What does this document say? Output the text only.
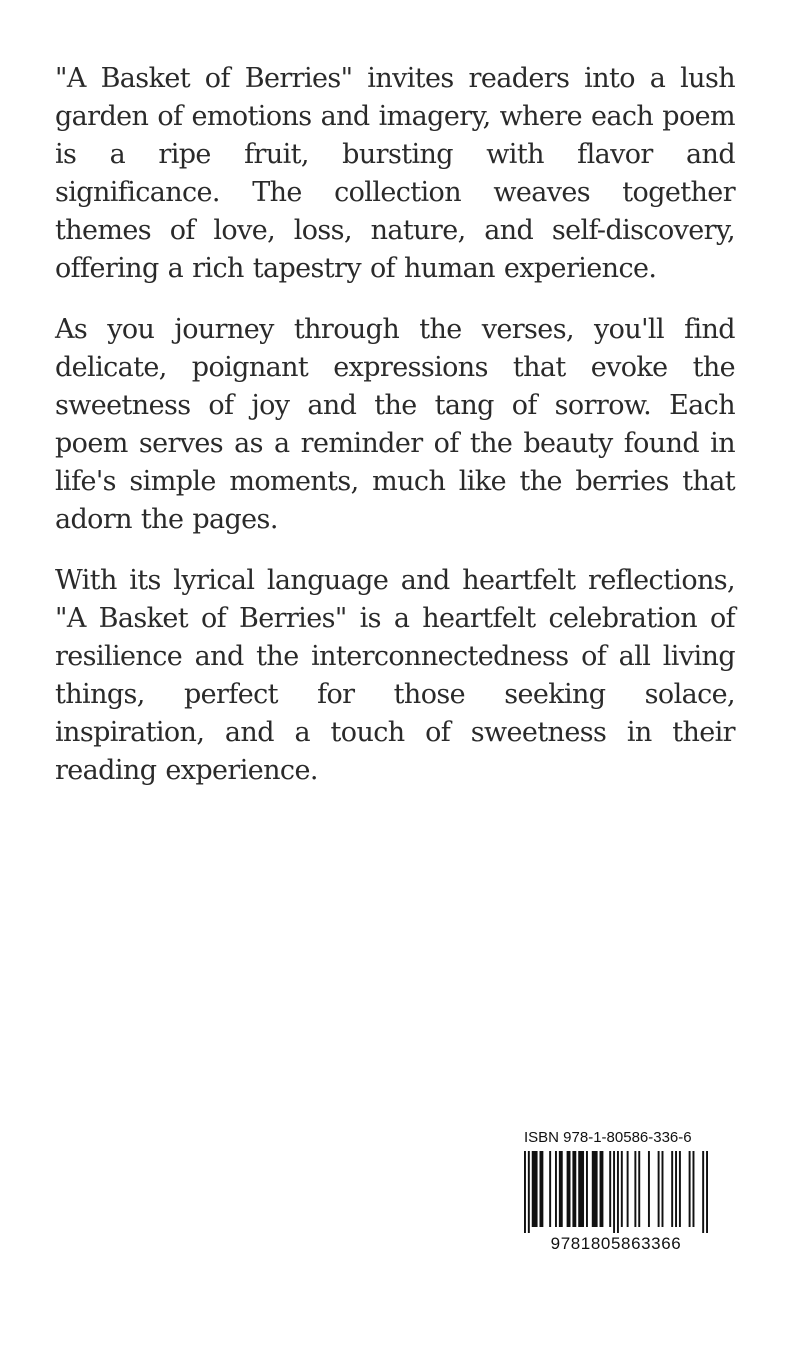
"A Basket of Berries" invites readers into a lush garden of emotions and imagery, where each poem is a ripe fruit, bursting with flavor and significance. The collection weaves together themes of love, loss, nature, and self-discovery, offering a rich tapestry of human experience.

As you journey through the verses, you'll find delicate, poignant expressions that evoke the sweetness of joy and the tang of sorrow. Each poem serves as a reminder of the beauty found in life's simple moments, much like the berries that adorn the pages.

With its lyrical language and heartfelt reflections, "A Basket of Berries" is a heartfelt celebration of resilience and the interconnectedness of all living things, perfect for those seeking solace, inspiration, and a touch of sweetness in their reading experience.

ISBN 978-1-80586-336-6
9781805863366
